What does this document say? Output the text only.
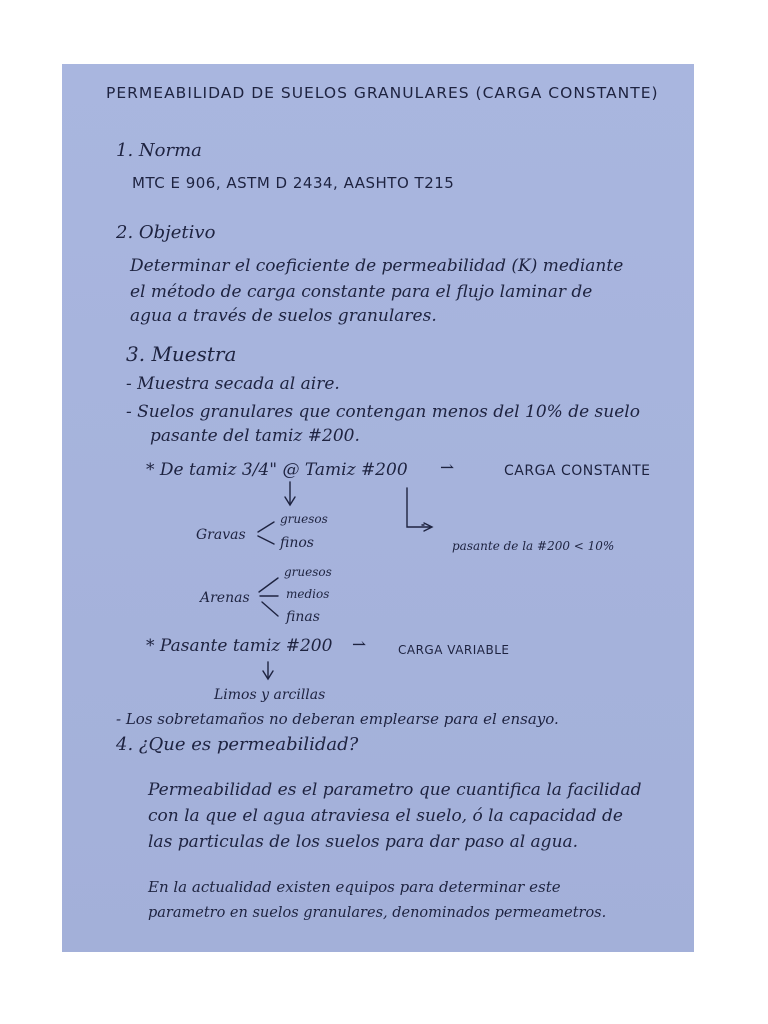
PERMEABILIDAD DE SUELOS GRANULARES (CARGA CONSTANTE)
1. Norma
MTC E 906, ASTM D 2434, AASHTO T215
2. Objetivo
Determinar el coeficiente de permeabilidad (K) mediante
el método de carga constante para el flujo laminar de
agua a través de suelos granulares.
3. Muestra
- Muestra secada al aire.
- Suelos granulares que contengan menos del 10% de suelo
pasante del tamiz #200.
* De tamiz 3/4" @ Tamiz #200 ⇀	CARGA CONSTANTE
Gravas
gruesos
finos	pasante de la #200 < 10%
gruesos
Arenas	medios
finas
* Pasante tamiz #200 ⇀	CARGA VARIABLE
Limos y arcillas
- Los sobretamaños no deberan emplearse para el ensayo.
4. ¿Que es permeabilidad?
Permeabilidad es el parametro que cuantifica la facilidad
con la que el agua atraviesa el suelo, ó la capacidad de
las particulas de los suelos para dar paso al agua.
En la actualidad existen equipos para determinar este
parametro en suelos granulares, denominados permeametros.
